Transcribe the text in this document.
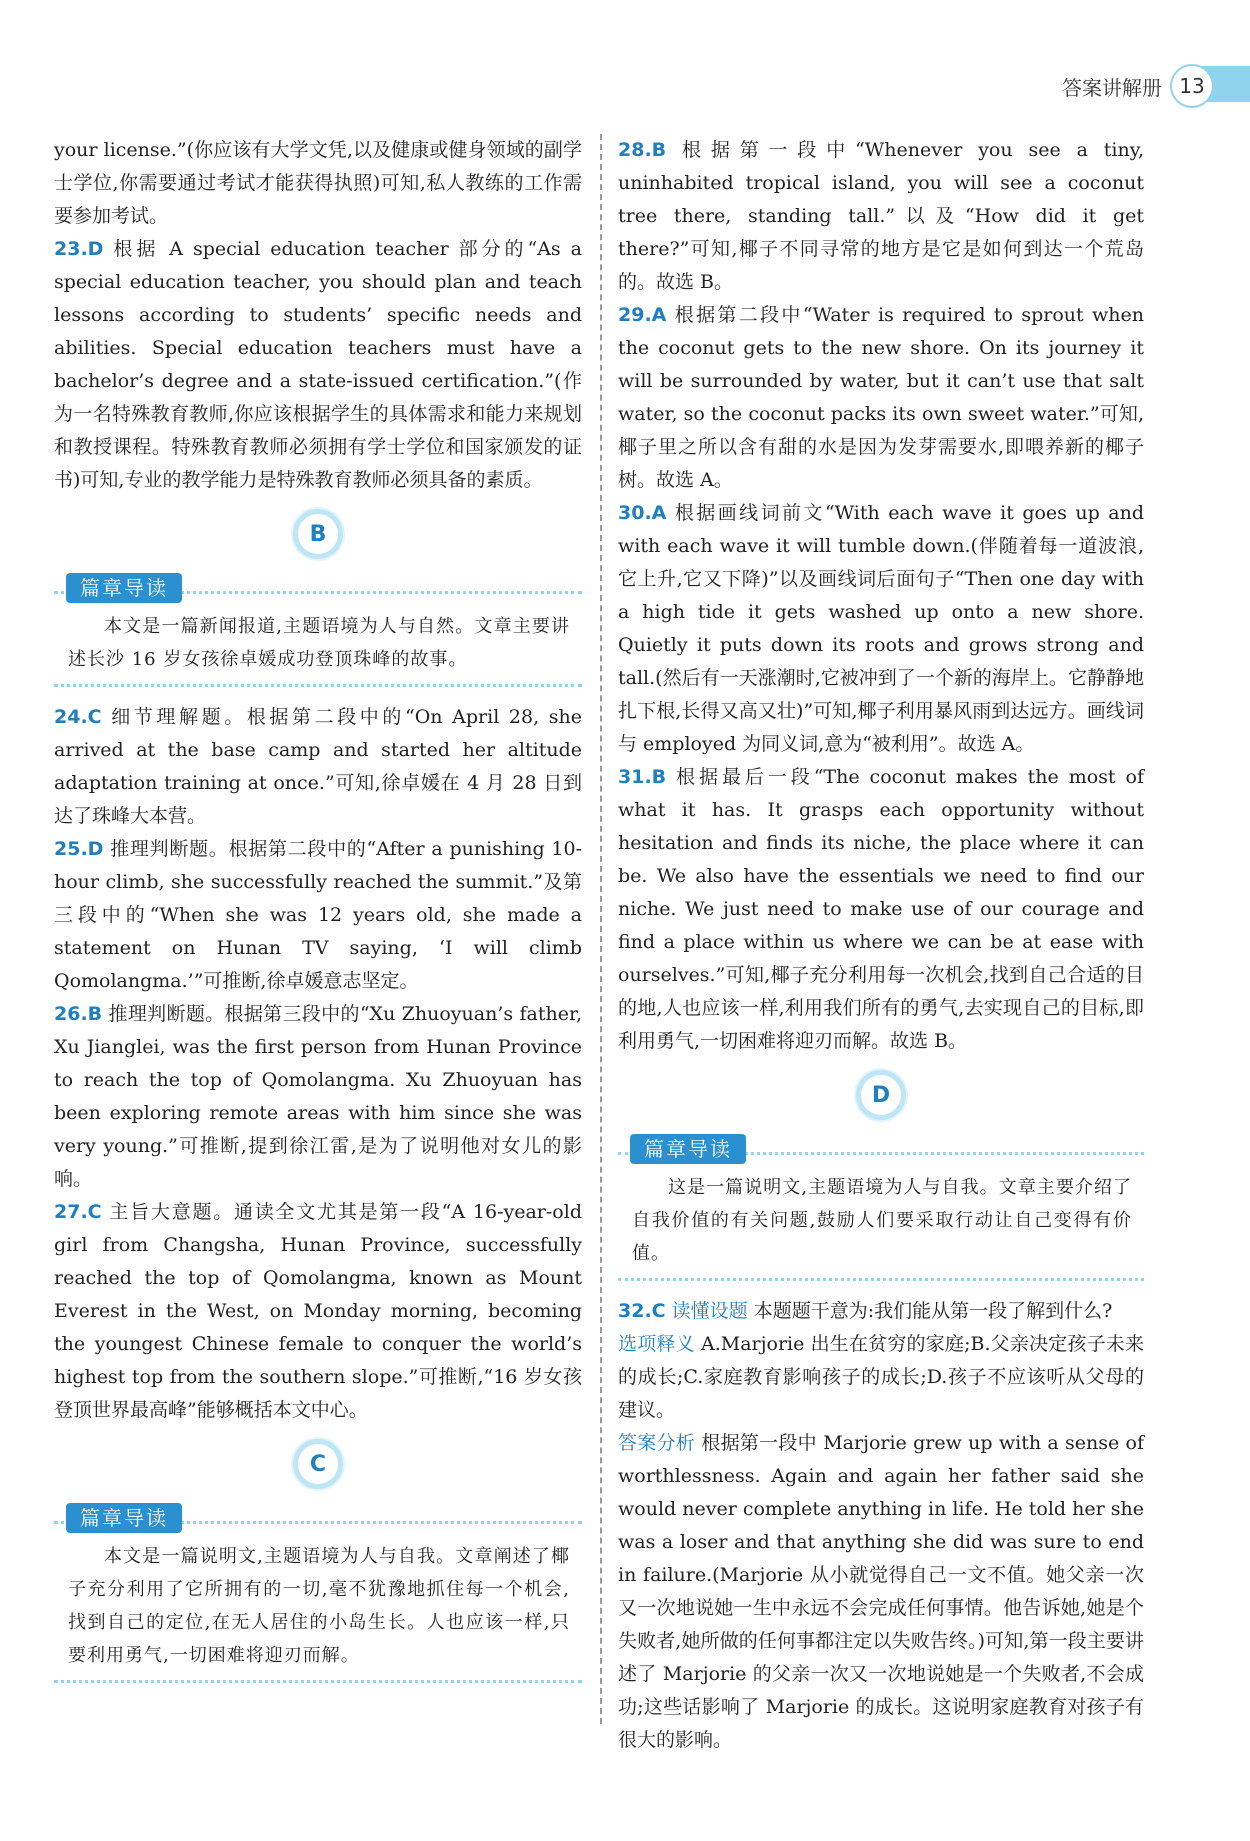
答案讲解册 13

your license.”(你应该有大学文凭,以及健康或健身领域的副学士学位,你需要通过考试才能获得执照)可知,私人教练的工作需要参加考试。

23.D 根据 A special education teacher 部分的“As a special education teacher, you should plan and teach lessons according to students’ specific needs and abilities. Special education teachers must have a bachelor’s degree and a state-issued certification.”(作为一名特殊教育教师,你应该根据学生的具体需求和能力来规划和教授课程。特殊教育教师必须拥有学士学位和国家颁发的证书)可知,专业的教学能力是特殊教育教师必须具备的素质。

B
篇章导读
本文是一篇新闻报道,主题语境为人与自然。文章主要讲述长沙 16 岁女孩徐卓媛成功登顶珠峰的故事。

24.C 细节理解题。根据第二段中的“On April 28, she arrived at the base camp and started her altitude adaptation training at once.”可知,徐卓媛在 4 月 28 日到达了珠峰大本营。

25.D 推理判断题。根据第二段中的“After a punishing 10-hour climb, she successfully reached the summit.”及第三段中的“When she was 12 years old, she made a statement on Hunan TV saying, ‘I will climb Qomolangma.’”可推断,徐卓媛意志坚定。

26.B 推理判断题。根据第三段中的“Xu Zhuoyuan’s father, Xu Jianglei, was the first person from Hunan Province to reach the top of Qomolangma. Xu Zhuoyuan has been exploring remote areas with him since she was very young.”可推断,提到徐江雷,是为了说明他对女儿的影响。

27.C 主旨大意题。通读全文尤其是第一段“A 16-year-old girl from Changsha, Hunan Province, successfully reached the top of Qomolangma, known as Mount Everest in the West, on Monday morning, becoming the youngest Chinese female to conquer the world’s highest top from the southern slope.”可推断,“16 岁女孩登顶世界最高峰”能够概括本文中心。

C
篇章导读
本文是一篇说明文,主题语境为人与自我。文章阐述了椰子充分利用了它所拥有的一切,毫不犹豫地抓住每一个机会,找到自己的定位,在无人居住的小岛生长。人也应该一样,只要利用勇气,一切困难将迎刃而解。

28.B 根据第一段中“Whenever you see a tiny, uninhabited tropical island, you will see a coconut tree there, standing tall.”以及“How did it get there?”可知,椰子不同寻常的地方是它是如何到达一个荒岛的。故选 B。

29.A 根据第二段中“Water is required to sprout when the coconut gets to the new shore. On its journey it will be surrounded by water, but it can’t use that salt water, so the coconut packs its own sweet water.”可知,椰子里之所以含有甜的水是因为发芽需要水,即喂养新的椰子树。故选 A。

30.A 根据画线词前文“With each wave it goes up and with each wave it will tumble down.(伴随着每一道波浪,它上升,它又下降)”以及画线词后面句子“Then one day with a high tide it gets washed up onto a new shore. Quietly it puts down its roots and grows strong and tall.(然后有一天涨潮时,它被冲到了一个新的海岸上。它静静地扎下根,长得又高又壮)”可知,椰子利用暴风雨到达远方。画线词与 employed 为同义词,意为“被利用”。故选 A。

31.B 根据最后一段“The coconut makes the most of what it has. It grasps each opportunity without hesitation and finds its niche, the place where it can be. We also have the essentials we need to find our niche. We just need to make use of our courage and find a place within us where we can be at ease with ourselves.”可知,椰子充分利用每一次机会,找到自己合适的目的地,人也应该一样,利用我们所有的勇气,去实现自己的目标,即利用勇气,一切困难将迎刃而解。故选 B。

D
篇章导读
这是一篇说明文,主题语境为人与自我。文章主要介绍了自我价值的有关问题,鼓励人们要采取行动让自己变得有价值。

32.C 读懂设题 本题题干意为:我们能从第一段了解到什么?

选项释义 A.Marjorie 出生在贫穷的家庭;B.父亲决定孩子未来的成长;C.家庭教育影响孩子的成长;D.孩子不应该听从父母的建议。

答案分析 根据第一段中 Marjorie grew up with a sense of worthlessness. Again and again her father said she would never complete anything in life. He told her she was a loser and that anything she did was sure to end in failure.(Marjorie 从小就觉得自己一文不值。她父亲一次又一次地说她一生中永远不会完成任何事情。他告诉她,她是个失败者,她所做的任何事都注定以失败告终。)可知,第一段主要讲述了 Marjorie 的父亲一次又一次地说她是一个失败者,不会成功;这些话影响了 Marjorie 的成长。这说明家庭教育对孩子有很大的影响。
